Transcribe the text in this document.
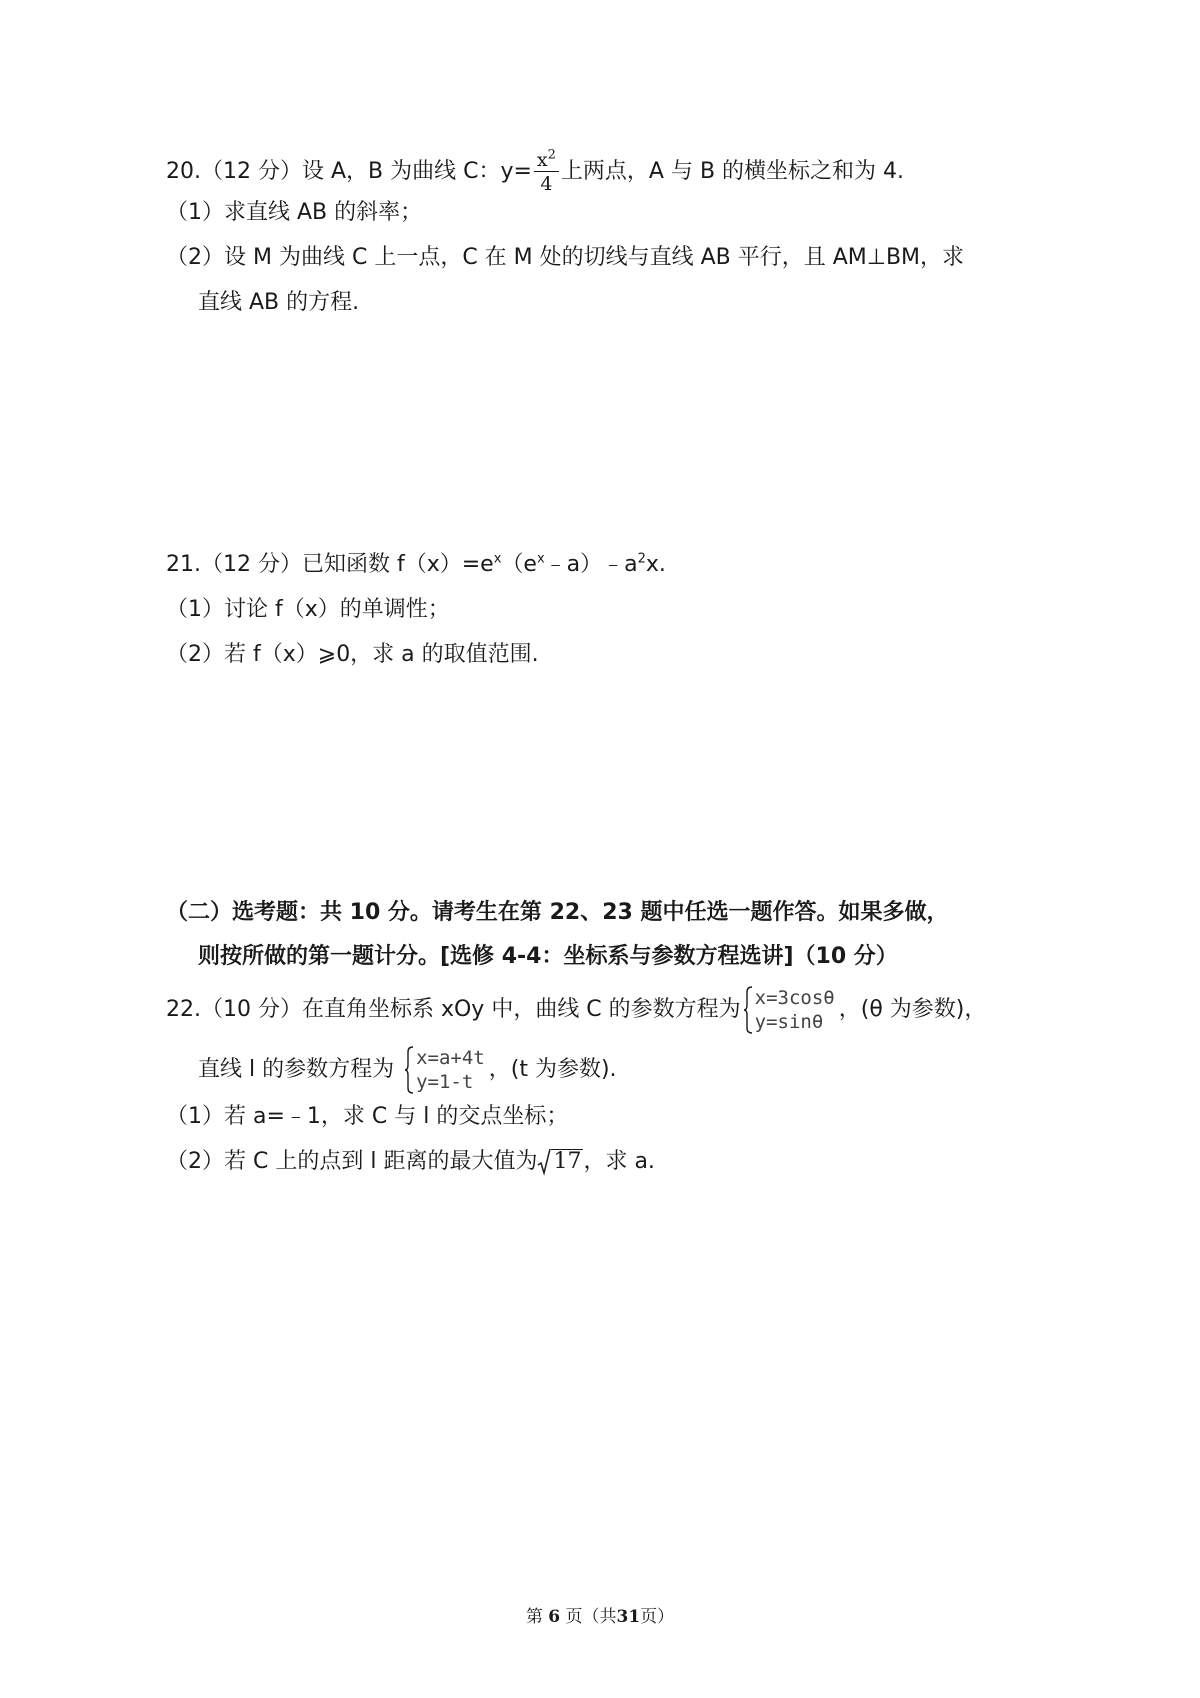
20.（12 分）设 A，B 为曲线 C：$y= \frac{x^2}{4}$ 上两点，A 与 B 的横坐标之和为 4.
（1）求直线 AB 的斜率；
（2）设 M 为曲线 C 上一点，C 在 M 处的切线与直线 AB 平行，且 AM⊥BM，求
直线 AB 的方程.
21.（12 分）已知函数 $f(x)=e^x(e^x﹣a)﹣a^2x$.
（1）讨论 f（x）的单调性；
（2）若 f（x）⩾0，求 a 的取值范围.
（二）选考题：共 10 分。请考生在第 22、23 题中任选一题作答。如果多做，
则按所做的第一题计分。[选修 4-4：坐标系与参数方程选讲]（10 分）
22.（10 分）在直角坐标系 xOy 中，曲线 C 的参数方程为 x=3cosθ
y=sinθ ，(θ 为参数)，
直线 l 的参数方程为 x=a+4t
y=1-t ，(t 为参数).
（1）若 a=﹣1，求 C 与 l 的交点坐标；
（2）若 C 上的点到 l 距离的最大值为 17，求 a.
第 6 页（共31页）
